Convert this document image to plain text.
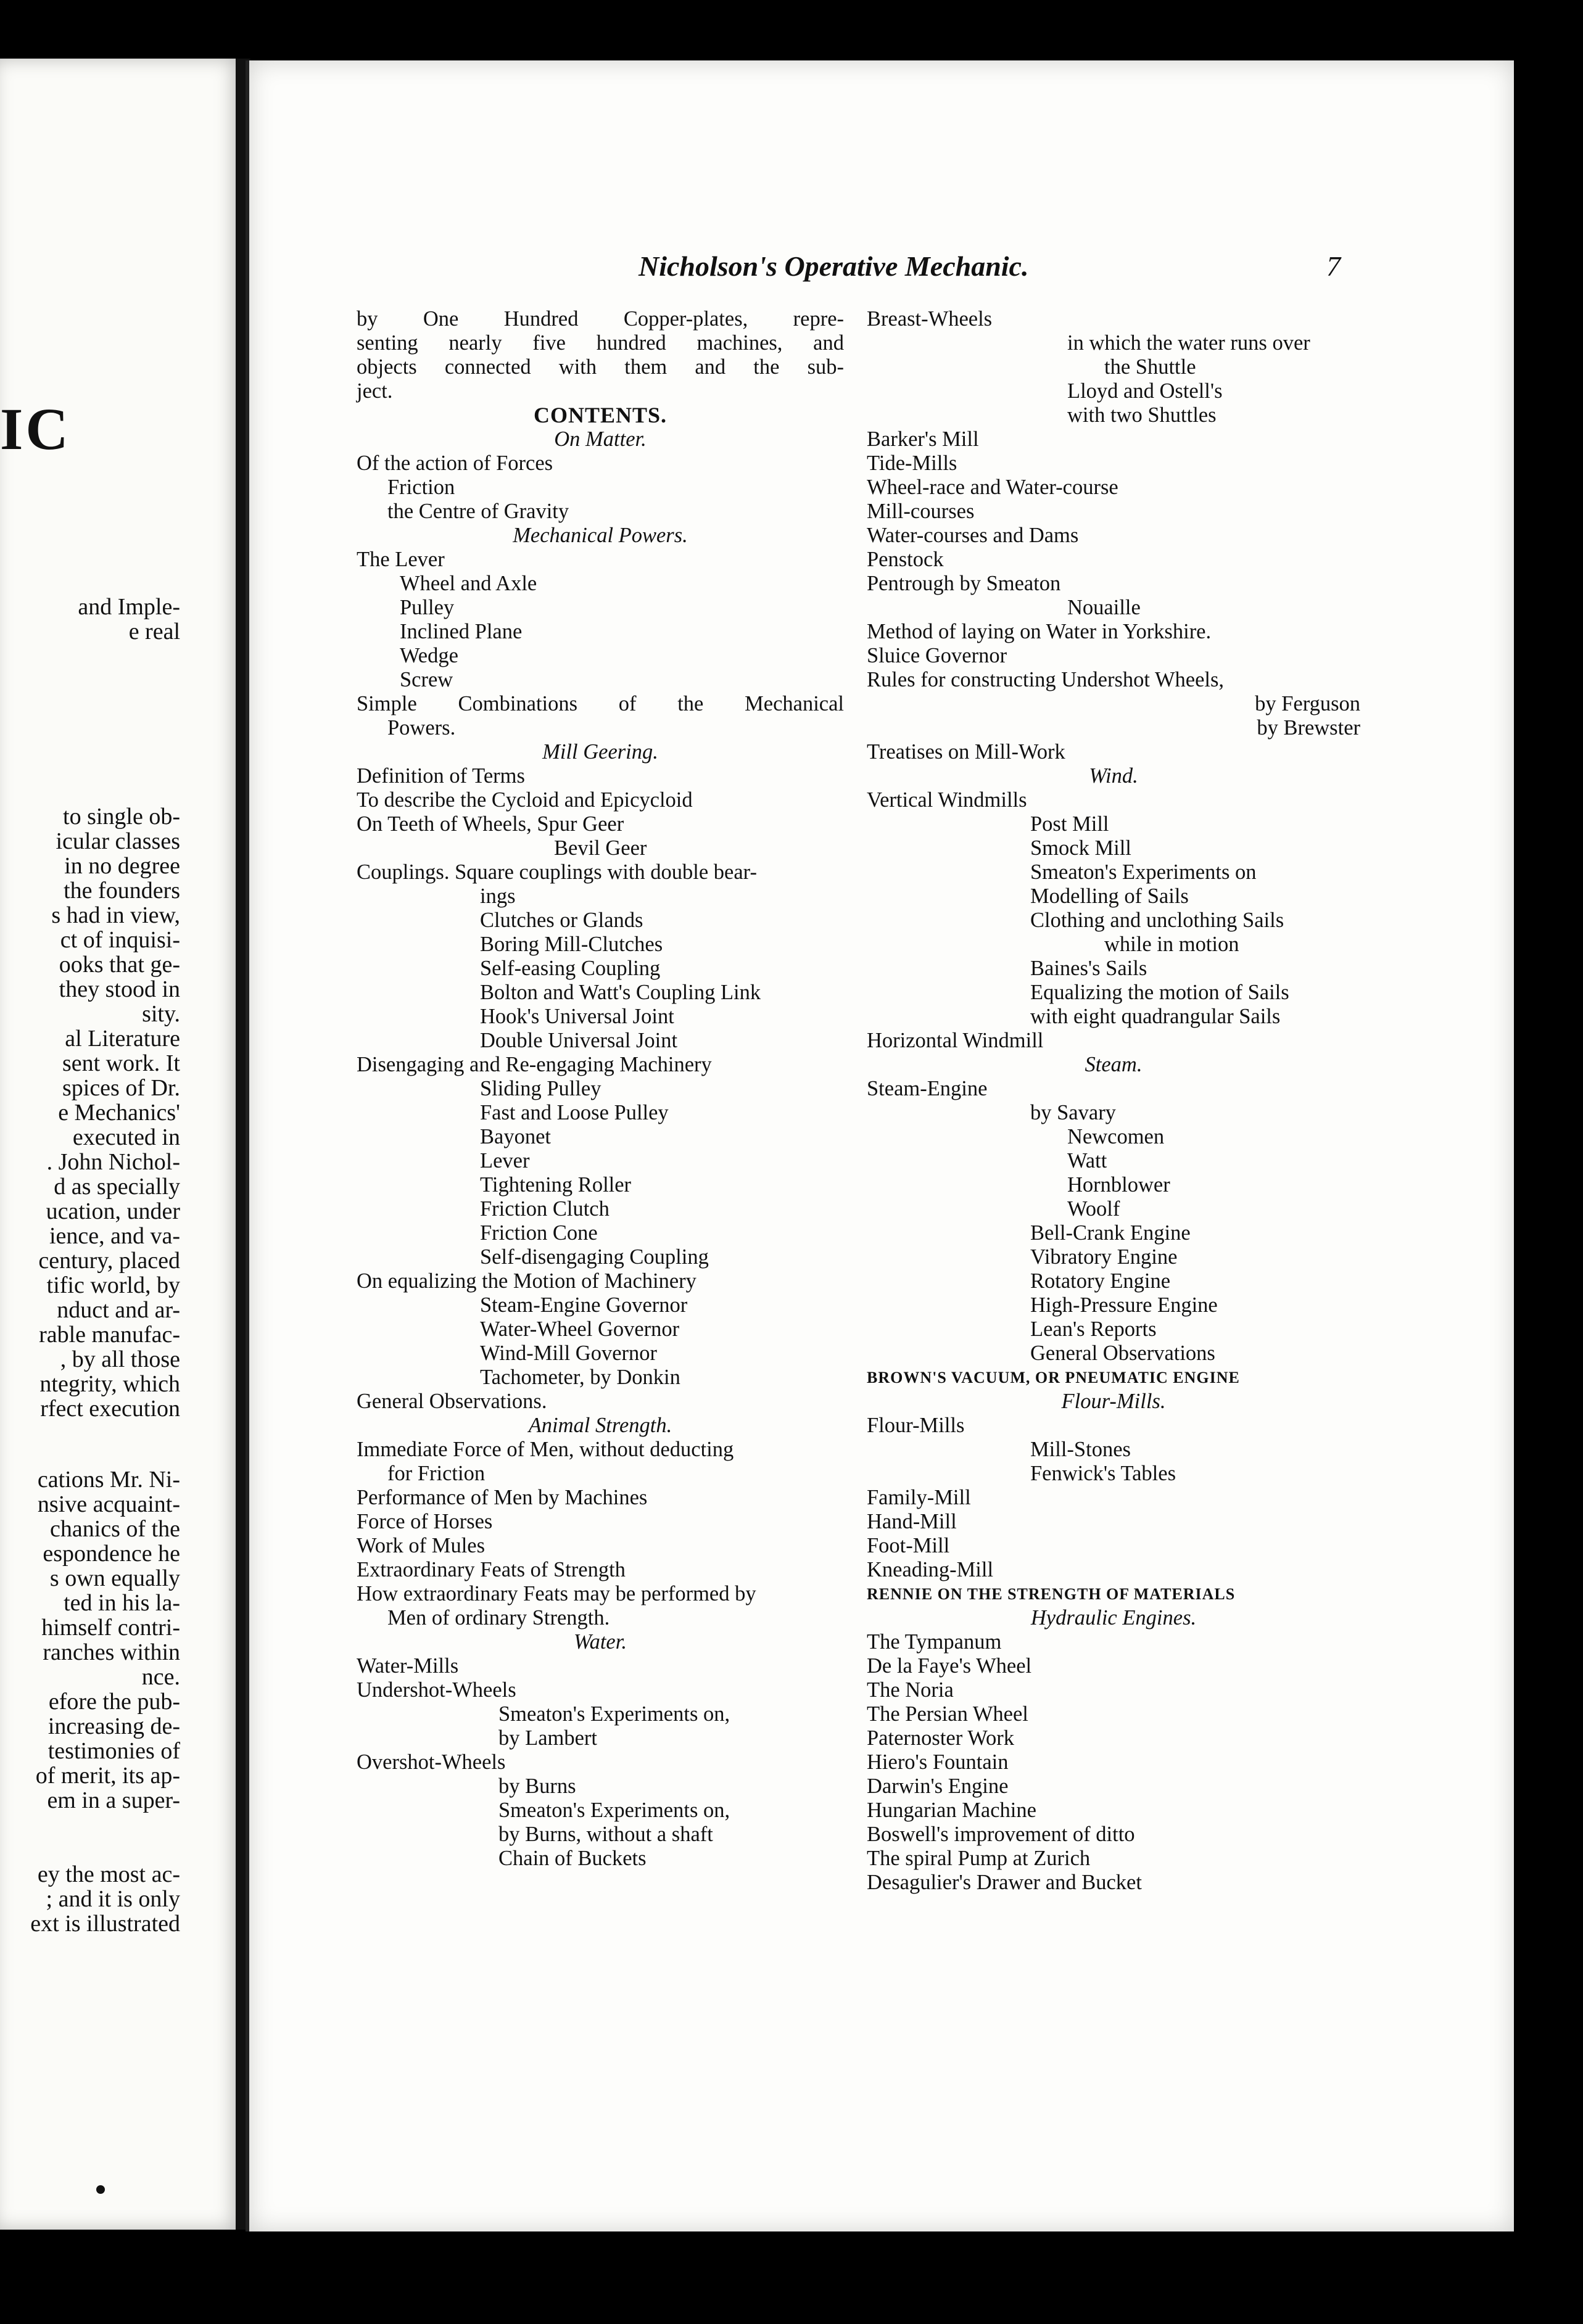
IC
and Imple-
e real
to single ob-
icular classes
in no degree
the founders
s had in view,
ct of inquisi-
ooks that ge-
they stood in
sity.
al Literature
sent work. It
spices of Dr.
e Mechanics'
executed in
. John Nichol-
d as specially
ucation, under
ience, and va-
century, placed
tific world, by
nduct and ar-
rable manufac-
, by all those
ntegrity, which
rfect execution
cations Mr. Ni-
nsive acquaint-
chanics of the
espondence he
s own equally
ted in his la-
himself contri-
ranches within
nce.
efore the pub-
increasing de-
testimonies of
of merit, its ap-
em in a super-
ey the most ac-
; and it is only
ext is illustrated
Nicholson's Operative Mechanic.	7
by One Hundred Copper-plates, repre-
senting nearly five hundred machines, and
objects connected with them and the sub-
ject.
CONTENTS.
On Matter.
Of the action of Forces
Friction
the Centre of Gravity
Mechanical Powers.
The Lever
Wheel and Axle
Pulley
Inclined Plane
Wedge
Screw
Simple Combinations of the Mechanical
Powers.
Mill Geering.
Definition of Terms
To describe the Cycloid and Epicycloid
On Teeth of Wheels, Spur Geer
Bevil Geer
Couplings. Square couplings with double bear-
ings
Clutches or Glands
Boring Mill-Clutches
Self-easing Coupling
Bolton and Watt's Coupling Link
Hook's Universal Joint
Double Universal Joint
Disengaging and Re-engaging Machinery
Sliding Pulley
Fast and Loose Pulley
Bayonet
Lever
Tightening Roller
Friction Clutch
Friction Cone
Self-disengaging Coupling
On equalizing the Motion of Machinery
Steam-Engine Governor
Water-Wheel Governor
Wind-Mill Governor
Tachometer, by Donkin
General Observations.
Animal Strength.
Immediate Force of Men, without deducting
for Friction
Performance of Men by Machines
Force of Horses
Work of Mules
Extraordinary Feats of Strength
How extraordinary Feats may be performed by
Men of ordinary Strength.
Water.
Water-Mills
Undershot-Wheels
Smeaton's Experiments on,
by Lambert
Overshot-Wheels
by Burns
Smeaton's Experiments on,
by Burns, without a shaft
Chain of Buckets
Breast-Wheels
in which the water runs over
the Shuttle
Lloyd and Ostell's
with two Shuttles
Barker's Mill
Tide-Mills
Wheel-race and Water-course
Mill-courses
Water-courses and Dams
Penstock
Pentrough by Smeaton
Nouaille
Method of laying on Water in Yorkshire.
Sluice Governor
Rules for constructing Undershot Wheels,
by Ferguson
by Brewster
Treatises on Mill-Work
Wind.
Vertical Windmills
Post Mill
Smock Mill
Smeaton's Experiments on
Modelling of Sails
Clothing and unclothing Sails
while in motion
Baines's Sails
Equalizing the motion of Sails
with eight quadrangular Sails
Horizontal Windmill
Steam.
Steam-Engine
by Savary
Newcomen
Watt
Hornblower
Woolf
Bell-Crank Engine
Vibratory Engine
Rotatory Engine
High-Pressure Engine
Lean's Reports
General Observations
BROWN'S VACUUM, OR PNEUMATIC ENGINE
Flour-Mills.
Flour-Mills
Mill-Stones
Fenwick's Tables
Family-Mill
Hand-Mill
Foot-Mill
Kneading-Mill
RENNIE ON THE STRENGTH OF MATERIALS
Hydraulic Engines.
The Tympanum
De la Faye's Wheel
The Noria
The Persian Wheel
Paternoster Work
Hiero's Fountain
Darwin's Engine
Hungarian Machine
Boswell's improvement of ditto
The spiral Pump at Zurich
Desagulier's Drawer and Bucket
